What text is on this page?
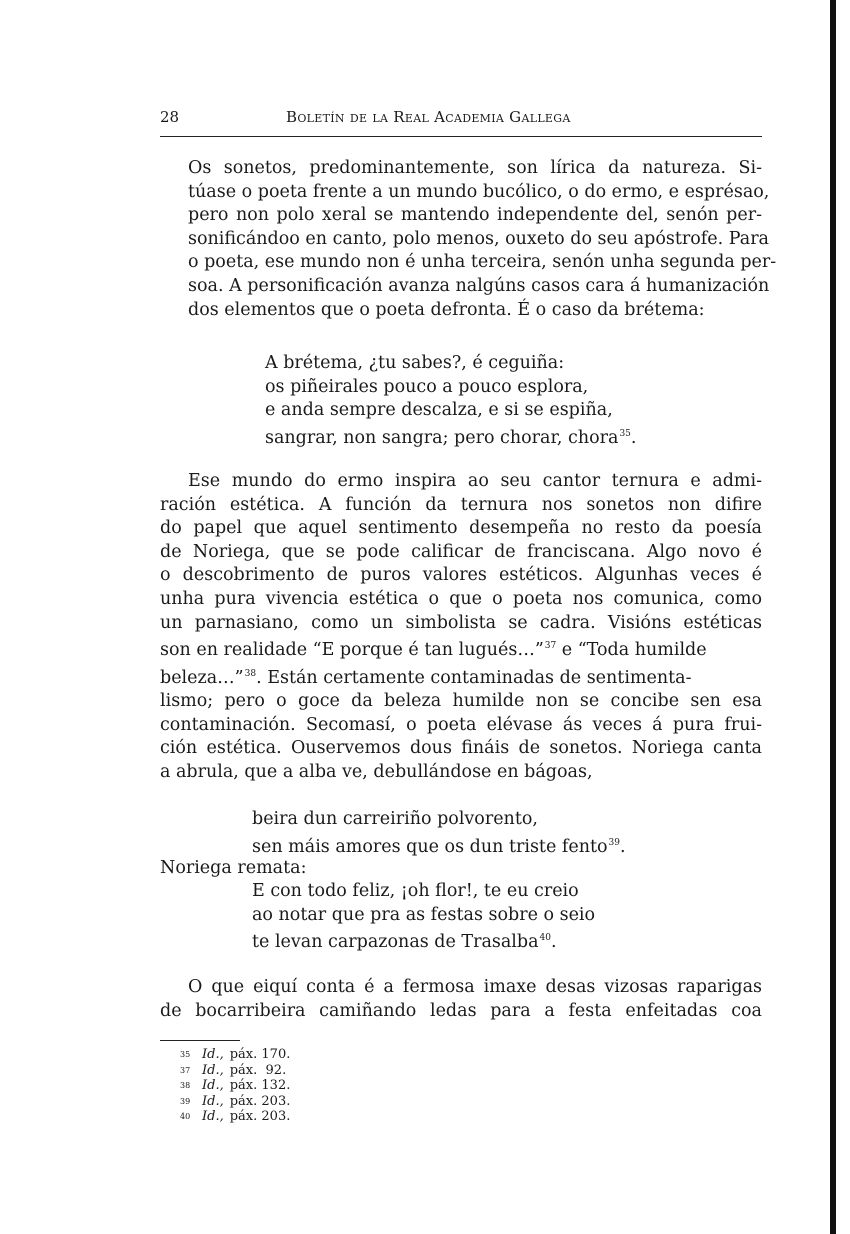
28	Boletín de la Real Academia Gallega

Os sonetos, predominantemente, son lírica da natureza. Si-
túase o poeta frente a un mundo bucólico, o do ermo, e esprésao,
pero non polo xeral se mantendo independente del, senón per-
sonificándoo en canto, polo menos, ouxeto do seu apóstrofe. Para
o poeta, ese mundo non é unha terceira, senón unha segunda per-
soa. A personificación avanza nalgúns casos cara á humanización
dos elementos que o poeta defronta. É o caso da brétema:

A brétema, ¿tu sabes?, é ceguiña:
os piñeirales pouco a pouco esplora,
e anda sempre descalza, e si se espiña,
sangrar, non sangra; pero chorar, chora$^{35}$.

Ese mundo do ermo inspira ao seu cantor ternura e admi-
ración estética. A función da ternura nos sonetos non difire
do papel que aquel sentimento desempeña no resto da poesía
de Noriega, que se pode calificar de franciscana. Algo novo é
o descobrimento de puros valores estéticos. Algunhas veces é
unha pura vivencia estética o que o poeta nos comunica, como
un parnasiano, como un simbolista se cadra. Visións estéticas
son en realidade “E porque é tan lugués…”$^{37}$ e “Toda humilde
beleza…”$^{38}$. Están certamente contaminadas de sentimenta-
lismo; pero o goce da beleza humilde non se concibe sen esa
contaminación. Secomasí, o poeta elévase ás veces á pura frui-
ción estética. Ouservemos dous fináis de sonetos. Noriega canta
a abrula, que a alba ve, debullándose en bágoas,

beira dun carreiriño polvorento,
sen máis amores que os dun triste fento$^{39}$.
Noriega remata:
E con todo feliz, ¡oh flor!, te eu creio
ao notar que pra as festas sobre o seio
te levan carpazonas de Trasalba$^{40}$.

O que eiquí conta é a fermosa imaxe desas vizosas raparigas
de bocarribeira camiñando ledas para a festa enfeitadas coa

35 Id., páx. 170.
37 Id., páx.  92.
38 Id., páx. 132.
39 Id., páx. 203.
40 Id., páx. 203.
